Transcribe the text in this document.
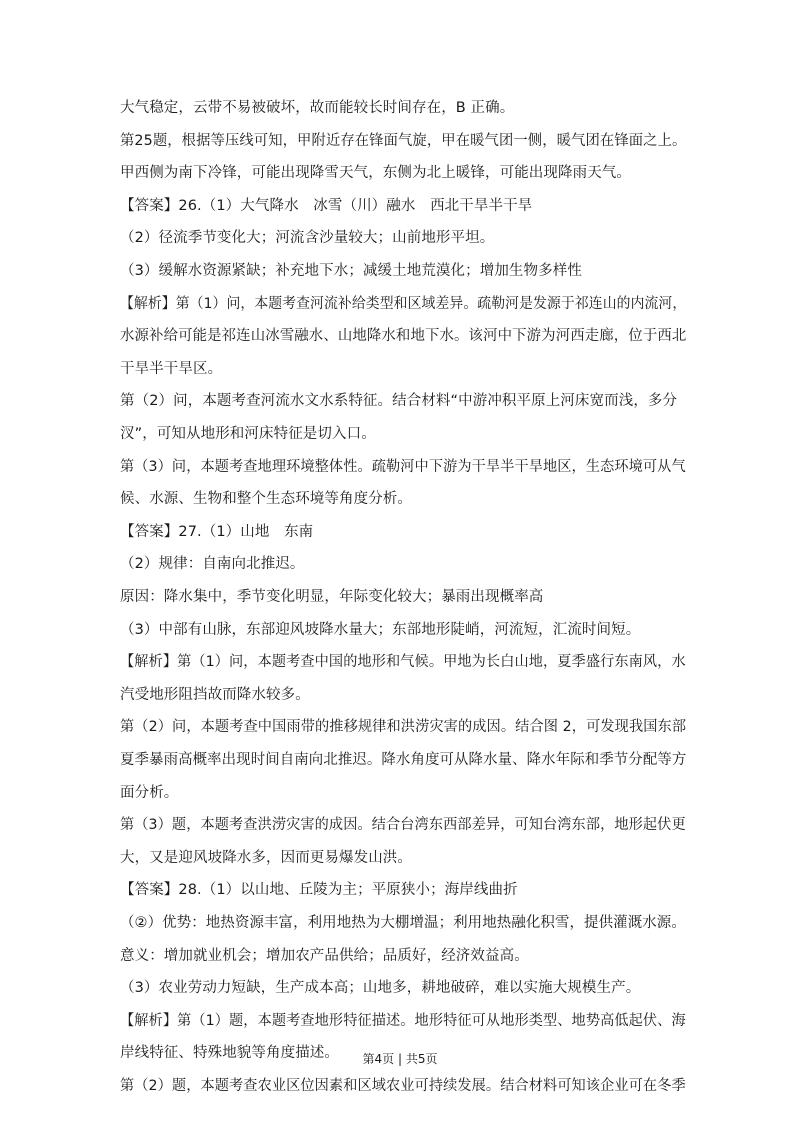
大气稳定，云带不易被破坏，故而能较长时间存在，B 正确。
第25题，根据等压线可知，甲附近存在锋面气旋，甲在暖气团一侧，暖气团在锋面之上。
甲西侧为南下冷锋，可能出现降雪天气，东侧为北上暖锋，可能出现降雨天气。
【答案】26.（1）大气降水　冰雪（川）融水　西北干旱半干旱
（2）径流季节变化大；河流含沙量较大；山前地形平坦。
（3）缓解水资源紧缺；补充地下水；减缓土地荒漠化；增加生物多样性
【解析】第（1）问，本题考查河流补给类型和区域差异。疏勒河是发源于祁连山的内流河，
水源补给可能是祁连山冰雪融水、山地降水和地下水。该河中下游为河西走廊，位于西北
干旱半干旱区。
第（2）问，本题考查河流水文水系特征。结合材料“中游冲积平原上河床宽而浅，多分
汊”，可知从地形和河床特征是切入口。
第（3）问，本题考查地理环境整体性。疏勒河中下游为干旱半干旱地区，生态环境可从气
候、水源、生物和整个生态环境等角度分析。
【答案】27.（1）山地　东南
（2）规律：自南向北推迟。
原因：降水集中，季节变化明显，年际变化较大；暴雨出现概率高
（3）中部有山脉，东部迎风坡降水量大；东部地形陡峭，河流短，汇流时间短。
【解析】第（1）问，本题考查中国的地形和气候。甲地为长白山地，夏季盛行东南风，水
汽受地形阻挡故而降水较多。
第（2）问，本题考查中国雨带的推移规律和洪涝灾害的成因。结合图 2，可发现我国东部
夏季暴雨高概率出现时间自南向北推迟。降水角度可从降水量、降水年际和季节分配等方
面分析。
第（3）题，本题考查洪涝灾害的成因。结合台湾东西部差异，可知台湾东部，地形起伏更
大，又是迎风坡降水多，因而更易爆发山洪。
【答案】28.（1）以山地、丘陵为主；平原狭小；海岸线曲折
（②）优势：地热资源丰富，利用地热为大棚增温；利用地热融化积雪，提供灌溉水源。
意义：增加就业机会；增加农产品供给；品质好，经济效益高。
（3）农业劳动力短缺，生产成本高；山地多，耕地破碎，难以实施大规模生产。
【解析】第（1）题，本题考查地形特征描述。地形特征可从地形类型、地势高低起伏、海
岸线特征、特殊地貌等角度描述。
第（2）题，本题考查农业区位因素和区域农业可持续发展。结合材料可知该企业可在冬季
第4页 | 共5页
